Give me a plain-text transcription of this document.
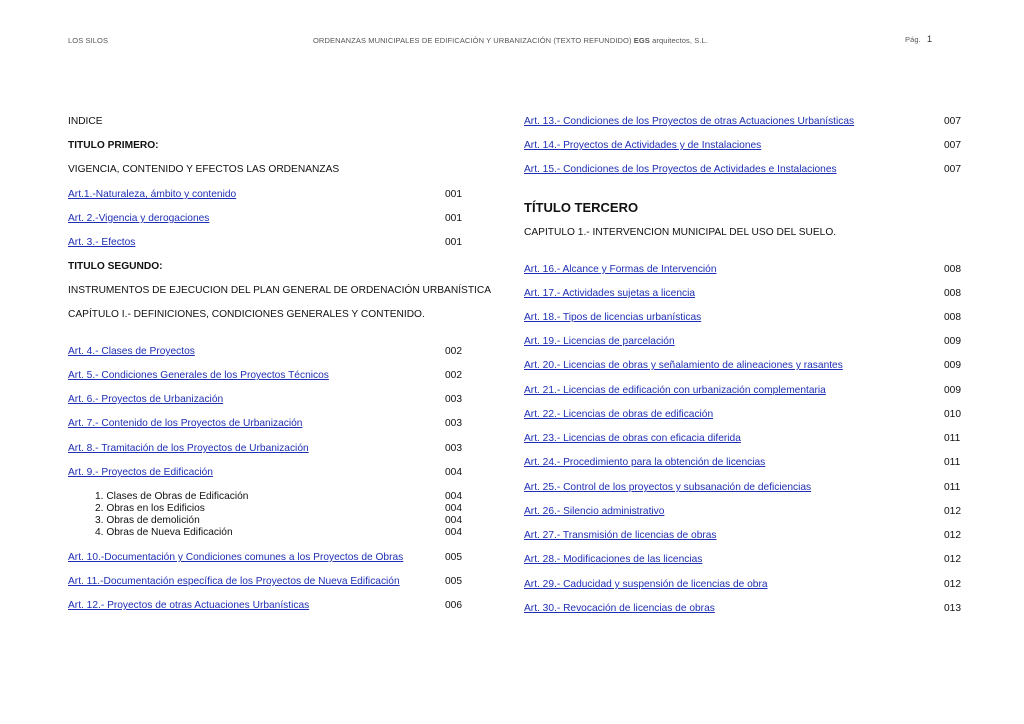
LOS SILOS	ORDENANZAS MUNICIPALES DE EDIFICACIÓN Y URBANIZACIÓN (TEXTO REFUNDIDO) EGS arquitectos, S.L.	Pág. 1
INDICE
TITULO PRIMERO:
VIGENCIA, CONTENIDO Y EFECTOS LAS ORDENANZAS
Art.1.-Naturaleza, ámbito y contenido	001
Art. 2.-Vigencia y derogaciones	001
Art. 3.- Efectos	001
TITULO SEGUNDO:
INSTRUMENTOS DE EJECUCION DEL PLAN GENERAL DE ORDENACIÓN URBANÍSTICA
CAPÍTULO I.- DEFINICIONES, CONDICIONES GENERALES Y CONTENIDO.
Art. 4.- Clases de Proyectos	002
Art. 5.- Condiciones Generales de los Proyectos Técnicos	002
Art. 6.- Proyectos de Urbanización	003
Art. 7.- Contenido de los Proyectos de Urbanización	003
Art. 8.- Tramitación de los Proyectos de Urbanización	003
Art. 9.- Proyectos de Edificación	004
1. Clases de Obras de Edificación	004
2. Obras en los Edificios	004
3. Obras de demolición	004
4. Obras de Nueva Edificación	004
Art. 10.-Documentación y Condiciones comunes a los Proyectos de Obras	005
Art. 11.-Documentación específica de los Proyectos de Nueva Edificación	005
Art. 12.- Proyectos de otras Actuaciones Urbanísticas	006
Art. 13.- Condiciones de los Proyectos de otras Actuaciones Urbanísticas	007
Art. 14.- Proyectos de Actividades y de Instalaciones	007
Art. 15.- Condiciones de los Proyectos de Actividades e Instalaciones	007
TÍTULO TERCERO
CAPITULO 1.- INTERVENCION MUNICIPAL DEL USO DEL SUELO.
Art. 16.- Alcance y Formas de Intervención	008
Art. 17.- Actividades sujetas a licencia	008
Art. 18.- Tipos de licencias urbanísticas	008
Art. 19.- Licencias de parcelación	009
Art. 20.- Licencias de obras y señalamiento de alineaciones y rasantes	009
Art. 21.- Licencias de edificación con urbanización complementaria	009
Art. 22.- Licencias de obras de edificación	010
Art. 23.- Licencias de obras con eficacia diferida	011
Art. 24.- Procedimiento para la obtención de licencias	011
Art. 25.- Control de los proyectos y subsanación de deficiencias	011
Art. 26.- Silencio administrativo	012
Art. 27.- Transmisión de licencias de obras	012
Art. 28.- Modificaciones de las licencias	012
Art. 29.- Caducidad y suspensión de licencias de obra	012
Art. 30.- Revocación de licencias de obras	013
